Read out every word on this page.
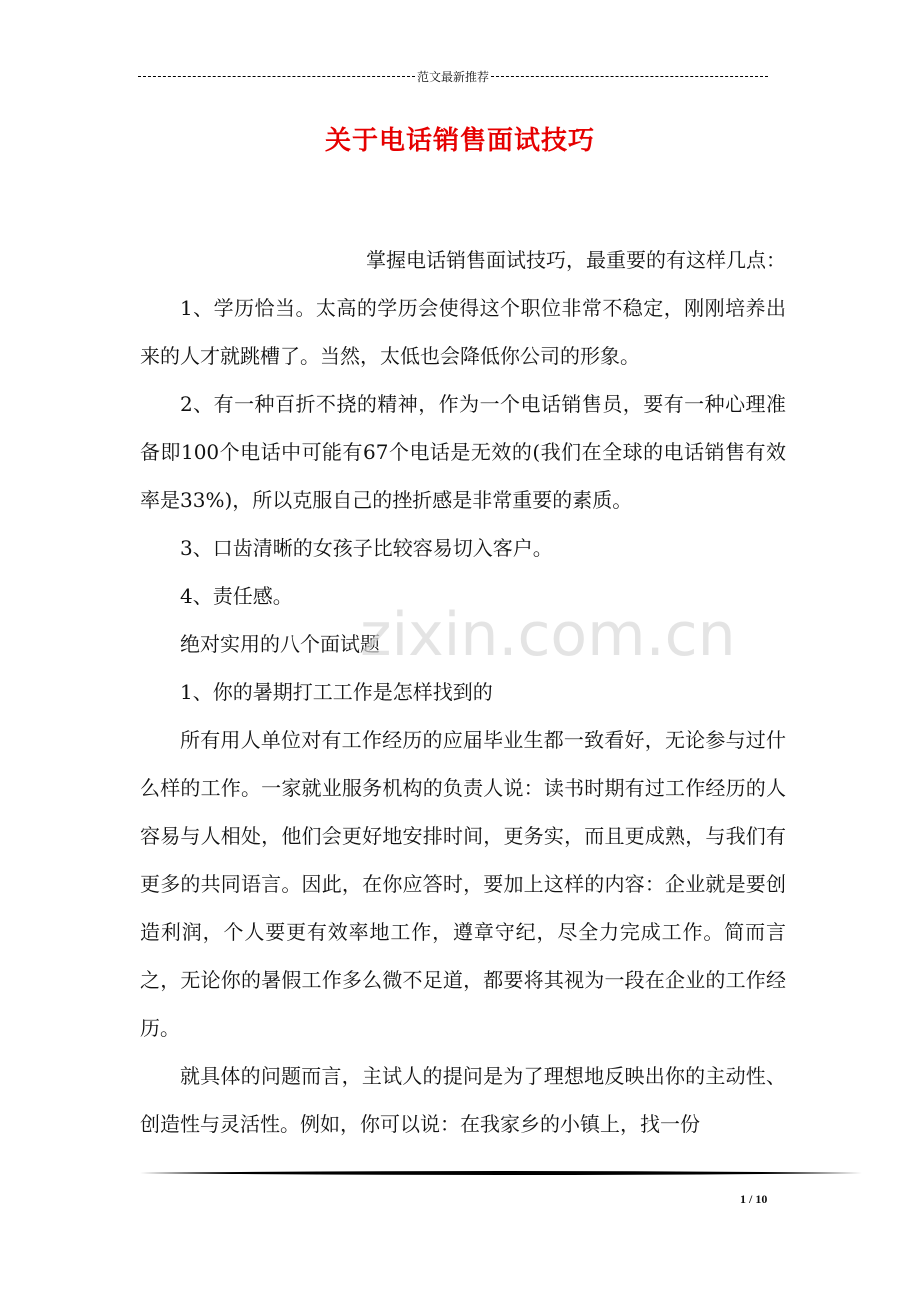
范文最新推荐
关于电话销售面试技巧

掌握电话销售面试技巧，最重要的有这样几点：

1、学历恰当。太高的学历会使得这个职位非常不稳定，刚刚培养出来的人才就跳槽了。当然，太低也会降低你公司的形象。

2、有一种百折不挠的精神，作为一个电话销售员，要有一种心理准备即100个电话中可能有67个电话是无效的(我们在全球的电话销售有效率是33%)，所以克服自己的挫折感是非常重要的素质。

3、口齿清晰的女孩子比较容易切入客户。

4、责任感。

绝对实用的八个面试题

1、你的暑期打工工作是怎样找到的

所有用人单位对有工作经历的应届毕业生都一致看好，无论参与过什么样的工作。一家就业服务机构的负责人说：读书时期有过工作经历的人容易与人相处，他们会更好地安排时间，更务实，而且更成熟，与我们有更多的共同语言。因此，在你应答时，要加上这样的内容：企业就是要创造利润，个人要更有效率地工作，遵章守纪，尽全力完成工作。简而言之，无论你的暑假工作多么微不足道，都要将其视为一段在企业的工作经历。

就具体的问题而言，主试人的提问是为了理想地反映出你的主动性、创造性与灵活性。例如，你可以说：在我家乡的小镇上，找一份

zixin.com.cn
1 / 10
